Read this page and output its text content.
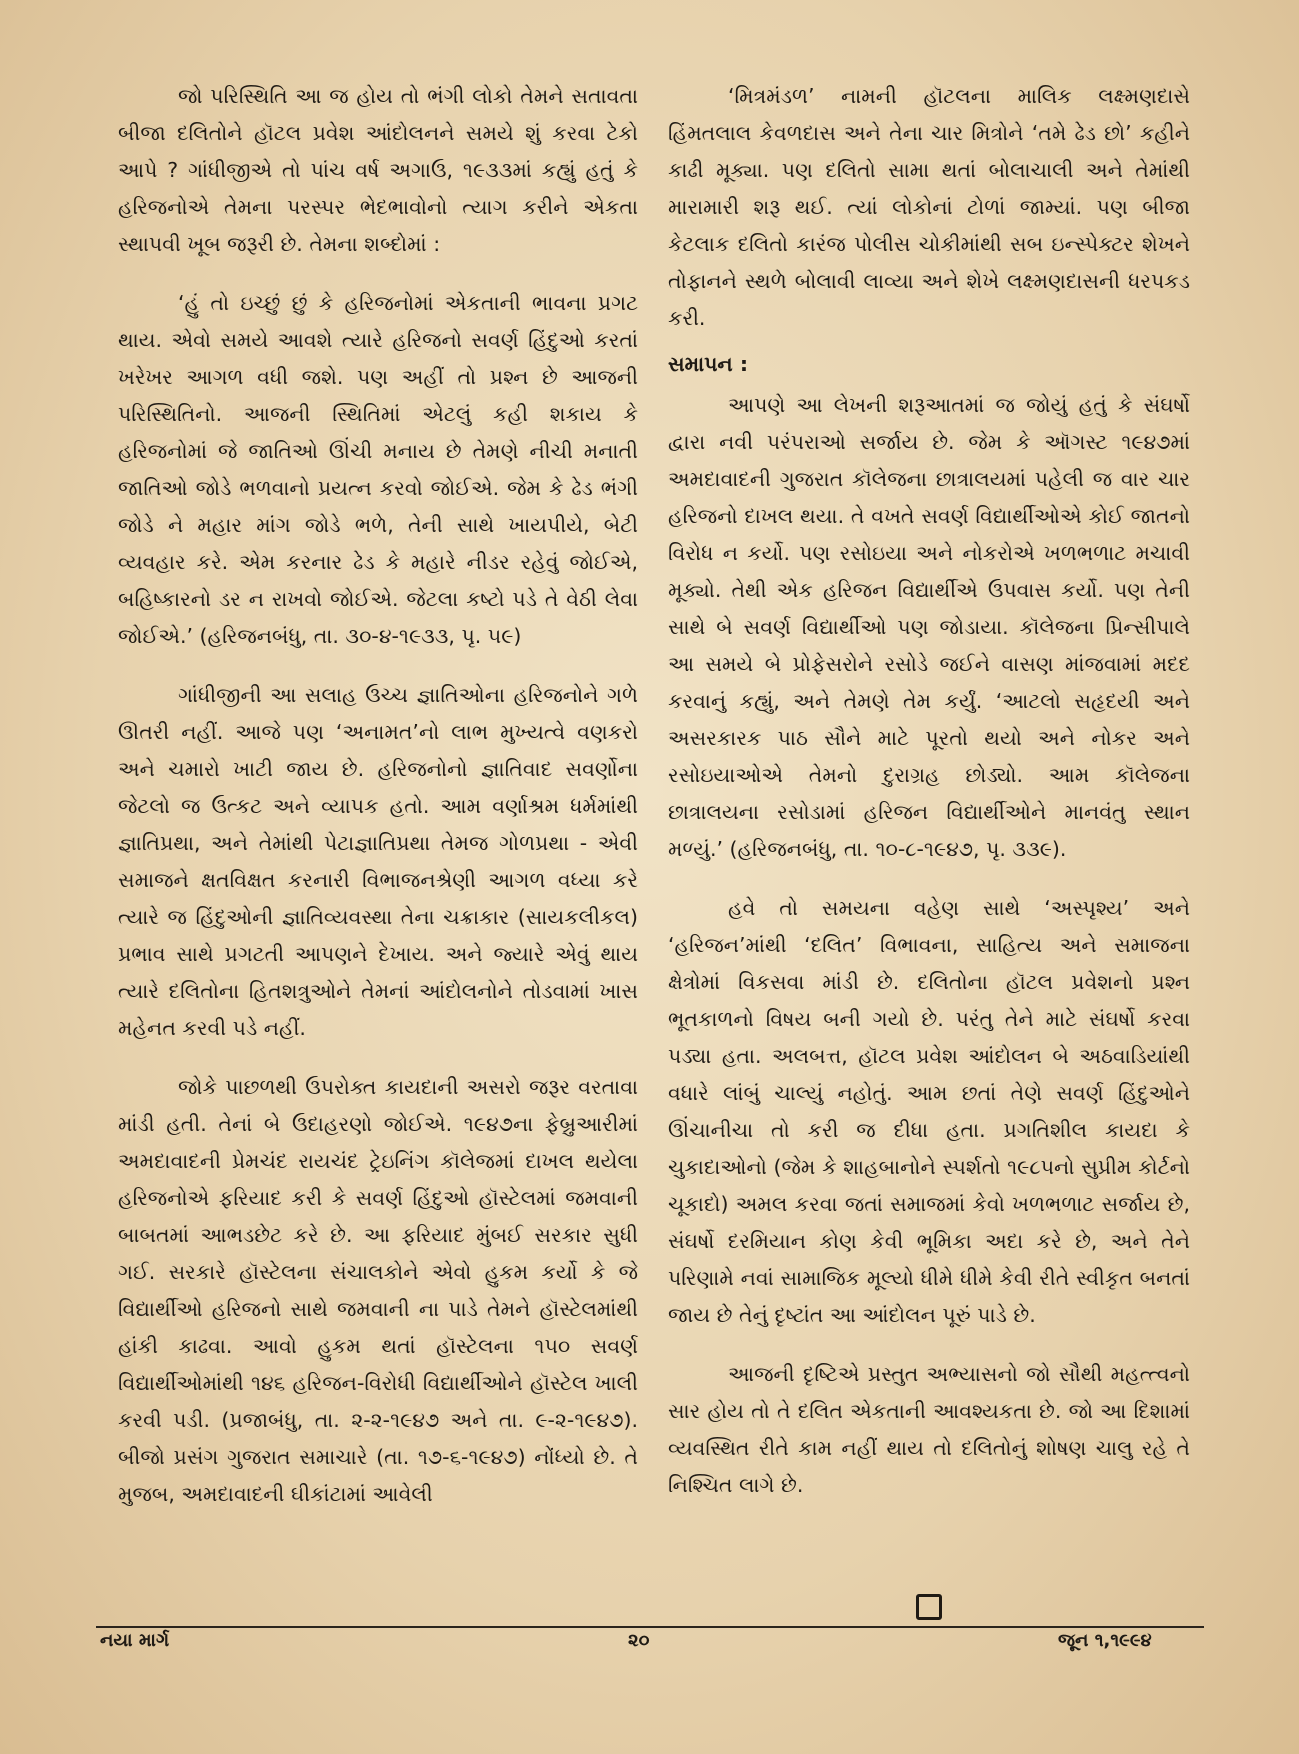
જો પરિસ્થિતિ આ જ હોય તો ભંગી લોકો તેમને સતાવતા બીજા દલિતોને હૉટલ પ્રવેશ આંદોલનને સમયે શું કરવા ટેકો આપે ? ગાંધીજીએ તો પાંચ વર્ષ અગાઉ, ૧૯૩૩માં કહ્યું હતું કે હરિજનોએ તેમના પરસ્પર ભેદભાવોનો ત્યાગ કરીને એકતા સ્થાપવી ખૂબ જરૂરી છે. તેમના શબ્દોમાં :

‘હું તો ઇચ્છું છું કે હરિજનોમાં એકતાની ભાવના પ્રગટ થાય. એવો સમયે આવશે ત્યારે હરિજનો સવર્ણ હિંદુઓ કરતાં ખરેખર આગળ વધી જશે. પણ અહીં તો પ્રશ્ન છે આજની પરિસ્થિતિનો. આજની સ્થિતિમાં એટલું કહી શકાય કે હરિજનોમાં જે જાતિઓ ઊંચી મનાય છે તેમણે નીચી મનાતી જાતિઓ જોડે ભળવાનો પ્રયત્ન કરવો જોઈએ. જેમ કે ઢેડ ભંગી જોડે ને મહાર માંગ જોડે ભળે, તેની સાથે ખાયપીયે, બેટી વ્યવહાર કરે. એમ કરનાર ઢેડ કે મહારે નીડર રહેવું જોઈએ, બહિષ્કારનો ડર ન રાખવો જોઈએ. જેટલા કષ્ટો પડે તે વેઠી લેવા જોઈએ.’ (હરિજનબંધુ, તા. ૩૦-૪-૧૯૩૩, પૃ. ૫૯)

ગાંધીજીની આ સલાહ ઉચ્ચ જ્ઞાતિઓના હરિજનોને ગળે ઊતરી નહીં. આજે પણ ‘અનામત’નો લાભ મુખ્યત્વે વણકરો અને ચમારો ખાટી જાય છે. હરિજનોનો જ્ઞાતિવાદ સવર્ણોના જેટલો જ ઉત્કટ અને વ્યાપક હતો. આમ વર્ણાશ્રમ ધર્મમાંથી જ્ઞાતિપ્રથા, અને તેમાંથી પેટાજ્ઞાતિપ્રથા તેમજ ગોળપ્રથા - એવી સમાજને ક્ષતવિક્ષત કરનારી વિભાજનશ્રેણી આગળ વધ્યા કરે ત્યારે જ હિંદુઓની જ્ઞાતિવ્યવસ્થા તેના ચક્રાકાર (સાયકલીકલ) પ્રભાવ સાથે પ્રગટતી આપણને દેખાય. અને જ્યારે એવું થાય ત્યારે દલિતોના હિતશત્રુઓને તેમનાં આંદોલનોને તોડવામાં ખાસ મહેનત કરવી પડે નહીં.

જોકે પાછળથી ઉપરોક્ત કાયદાની અસરો જરૂર વરતાવા માંડી હતી. તેનાં બે ઉદાહરણો જોઈએ. ૧૯૪૭ના ફેબ્રુઆરીમાં અમદાવાદની પ્રેમચંદ રાયચંદ ટ્રેઇનિંગ કૉલેજમાં દાખલ થયેલા હરિજનોએ ફરિયાદ કરી કે સવર્ણ હિંદુઓ હૉસ્ટેલમાં જમવાની બાબતમાં આભડછેટ કરે છે. આ ફરિયાદ મુંબઈ સરકાર સુધી ગઈ. સરકારે હૉસ્ટેલના સંચાલકોને એવો હુકમ કર્યો કે જે વિદ્યાર્થીઓ હરિજનો સાથે જમવાની ના પાડે તેમને હૉસ્ટેલમાંથી હાંકી કાઢવા. આવો હુકમ થતાં હૉસ્ટેલના ૧૫૦ સવર્ણ વિદ્યાર્થીઓમાંથી ૧૪૬ હરિજન-વિરોધી વિદ્યાર્થીઓને હૉસ્ટેલ ખાલી કરવી પડી. (પ્રજાબંધુ, તા. ૨-૨-૧૯૪૭ અને તા. ૯-૨-૧૯૪૭). બીજો પ્રસંગ ગુજરાત સમાચારે (તા. ૧૭-૬-૧૯૪૭) નોંધ્યો છે. તે મુજબ, અમદાવાદની ઘીકાંટામાં આવેલી

‘મિત્રમંડળ’ નામની હૉટલના માલિક લક્ષ્મણદાસે હિંમતલાલ કેવળદાસ અને તેના ચાર મિત્રોને ‘તમે ઢેડ છો’ કહીને કાઢી મૂક્યા. પણ દલિતો સામા થતાં બોલાચાલી અને તેમાંથી મારામારી શરૂ થઈ. ત્યાં લોકોનાં ટોળાં જામ્યાં. પણ બીજા કેટલાક દલિતો કારંજ પોલીસ ચોકીમાંથી સબ ઇન્સ્પેક્ટર શેખને તોફાનને સ્થળે બોલાવી લાવ્યા અને શેખે લક્ષ્મણદાસની ધરપકડ કરી.

સમાપન :

આપણે આ લેખની શરૂઆતમાં જ જોયું હતું કે સંઘર્ષો દ્વારા નવી પરંપરાઓ સર્જાય છે. જેમ કે ઑગસ્ટ ૧૯૪૭માં અમદાવાદની ગુજરાત કૉલેજના છાત્રાલયમાં પહેલી જ વાર ચાર હરિજનો દાખલ થયા. તે વખતે સવર્ણ વિદ્યાર્થીઓએ કોઈ જાતનો વિરોધ ન કર્યો. પણ રસોઇયા અને નોકરોએ ખળભળાટ મચાવી મૂક્યો. તેથી એક હરિજન વિદ્યાર્થીએ ઉપવાસ કર્યો. પણ તેની સાથે બે સવર્ણ વિદ્યાર્થીઓ પણ જોડાયા. કૉલેજના પ્રિન્સીપાલે આ સમયે બે પ્રોફેસરોને રસોડે જઈને વાસણ માંજવામાં મદદ કરવાનું કહ્યું, અને તેમણે તેમ કર્યું. ‘આટલો સહૃદયી અને અસરકારક પાઠ સૌને માટે પૂરતો થયો અને નોકર અને રસોઇયાઓએ તેમનો દુરાગ્રહ છોડ્યો. આમ કૉલેજના છાત્રાલયના રસોડામાં હરિજન વિદ્યાર્થીઓને માનવંતુ સ્થાન મળ્યું.’ (હરિજનબંધુ, તા. ૧૦-૮-૧૯૪૭, પૃ. ૩૩૯).

હવે તો સમયના વહેણ સાથે ‘અસ્પૃશ્ય’ અને ‘હરિજન’માંથી ‘દલિત’ વિભાવના, સાહિત્ય અને સમાજના ક્ષેત્રોમાં વિકસવા માંડી છે. દલિતોના હૉટલ પ્રવેશનો પ્રશ્ન ભૂતકાળનો વિષય બની ગયો છે. પરંતુ તેને માટે સંઘર્ષો કરવા પડ્યા હતા. અલબત્ત, હૉટલ પ્રવેશ આંદોલન બે અઠવાડિયાંથી વધારે લાંબું ચાલ્યું નહોતું. આમ છતાં તેણે સવર્ણ હિંદુઓને ઊંચાનીચા તો કરી જ દીધા હતા. પ્રગતિશીલ કાયદા કે ચુકાદાઓનો (જેમ કે શાહબાનોને સ્પર્શતો ૧૯૮૫નો સુપ્રીમ કોર્ટનો ચૂકાદો) અમલ કરવા જતાં સમાજમાં કેવો ખળભળાટ સર્જાય છે, સંઘર્ષો દરમિયાન કોણ કેવી ભૂમિકા અદા કરે છે, અને તેને પરિણામે નવાં સામાજિક મૂલ્યો ધીમે ધીમે કેવી રીતે સ્વીકૃત બનતાં જાય છે તેનું દૃષ્ટાંત આ આંદોલન પૂરું પાડે છે.

આજની દૃષ્ટિએ પ્રસ્તુત અભ્યાસનો જો સૌથી મહત્ત્વનો સાર હોય તો તે દલિત એકતાની આવશ્યકતા છે. જો આ દિશામાં વ્યવસ્થિત રીતે કામ નહીં થાય તો દલિતોનું શોષણ ચાલુ રહે તે નિશ્ચિત લાગે છે.

નયા માર્ગ	૨૦	જૂન ૧,૧૯૯૪
